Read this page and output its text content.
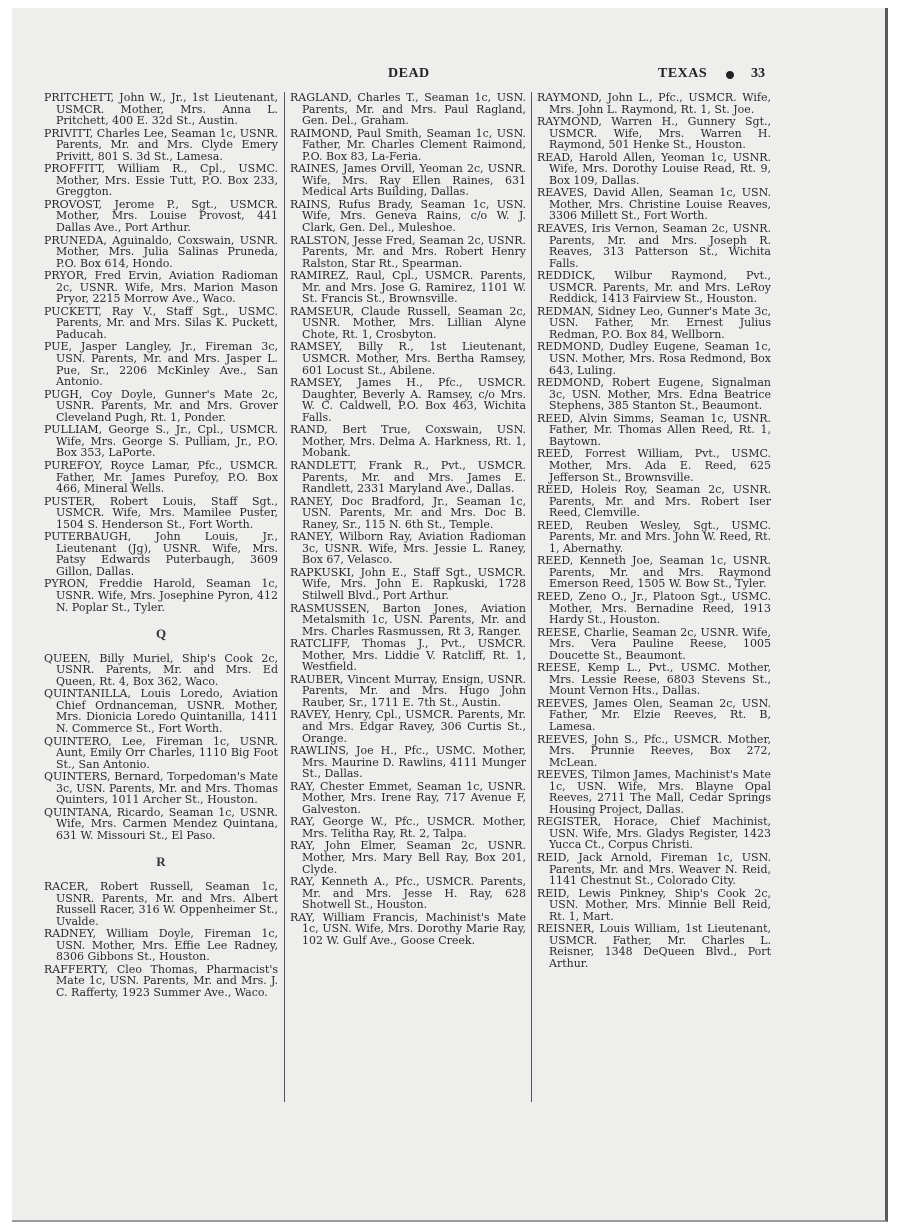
DEAD	TEXAS	33

PRITCHETT, John W., Jr., 1st Lieutenant, USMCR. Mother, Mrs. Anna L. Pritchett, 400 E. 32d St., Austin.

PRIVITT, Charles Lee, Seaman 1c, USNR. Parents, Mr. and Mrs. Clyde Emery Privitt, 801 S. 3d St., Lamesa.

PROFFITT, William R., Cpl., USMC. Mother, Mrs. Essie Tutt, P.O. Box 233, Greggton.

PROVOST, Jerome P., Sgt., USMCR. Mother, Mrs. Louise Provost, 441 Dallas Ave., Port Arthur.

PRUNEDA, Aguinaldo, Coxswain, USNR. Mother, Mrs. Julia Salinas Pruneda, P.O. Box 614, Hondo.

PRYOR, Fred Ervin, Aviation Radioman 2c, USNR. Wife, Mrs. Marion Mason Pryor, 2215 Morrow Ave., Waco.

PUCKETT, Ray V., Staff Sgt., USMC. Parents, Mr. and Mrs. Silas K. Puckett, Paducah.

PUE, Jasper Langley, Jr., Fireman 3c, USN. Parents, Mr. and Mrs. Jasper L. Pue, Sr., 2206 McKinley Ave., San Antonio.

PUGH, Coy Doyle, Gunner's Mate 2c, USNR. Parents, Mr. and Mrs. Grover Cleveland Pugh, Rt. 1, Ponder.

PULLIAM, George S., Jr., Cpl., USMCR. Wife, Mrs. George S. Pulliam, Jr., P.O. Box 353, LaPorte.

PUREFOY, Royce Lamar, Pfc., USMCR. Father, Mr. James Purefoy, P.O. Box 466, Mineral Wells.

PUSTER, Robert Louis, Staff Sgt., USMCR. Wife, Mrs. Mamilee Puster, 1504 S. Henderson St., Fort Worth.

PUTERBAUGH, John Louis, Jr., Lieutenant (Jg), USNR. Wife, Mrs. Patsy Edwards Puterbaugh, 3609 Gillon, Dallas.

PYRON, Freddie Harold, Seaman 1c, USNR. Wife, Mrs. Josephine Pyron, 412 N. Poplar St., Tyler.

Q

QUEEN, Billy Muriel, Ship's Cook 2c, USNR. Parents, Mr. and Mrs. Ed Queen, Rt. 4, Box 362, Waco.

QUINTANILLA, Louis Loredo, Aviation Chief Ordnanceman, USNR. Mother, Mrs. Dionicia Loredo Quintanilla, 1411 N. Commerce St., Fort Worth.

QUINTERO, Lee, Fireman 1c, USNR. Aunt, Emily Orr Charles, 1110 Big Foot St., San Antonio.

QUINTERS, Bernard, Torpedoman's Mate 3c, USN. Parents, Mr. and Mrs. Thomas Quinters, 1011 Archer St., Houston.

QUINTANA, Ricardo, Seaman 1c, USNR. Wife, Mrs. Carmen Mendez Quintana, 631 W. Missouri St., El Paso.

R

RACER, Robert Russell, Seaman 1c, USNR. Parents, Mr. and Mrs. Albert Russell Racer, 316 W. Oppenheimer St., Uvalde.

RADNEY, William Doyle, Fireman 1c, USN. Mother, Mrs. Effie Lee Radney, 8306 Gibbons St., Houston.

RAFFERTY, Cleo Thomas, Pharmacist's Mate 1c, USN. Parents, Mr. and Mrs. J. C. Rafferty, 1923 Summer Ave., Waco.

RAGLAND, Charles T., Seaman 1c, USN. Parents, Mr. and Mrs. Paul Ragland, Gen. Del., Graham.

RAIMOND, Paul Smith, Seaman 1c, USN. Father, Mr. Charles Clement Raimond, P.O. Box 83, La-Feria.

RAINES, James Orvill, Yeoman 2c, USNR. Wife, Mrs. Ray Ellen Raines, 631 Medical Arts Building, Dallas.

RAINS, Rufus Brady, Seaman 1c, USN. Wife, Mrs. Geneva Rains, c/o W. J. Clark, Gen. Del., Muleshoe.

RALSTON, Jesse Fred, Seaman 2c, USNR. Parents, Mr. and Mrs. Robert Henry Ralston, Star Rt., Spearman.

RAMIREZ, Raul, Cpl., USMCR. Parents, Mr. and Mrs. Jose G. Ramirez, 1101 W. St. Francis St., Brownsville.

RAMSEUR, Claude Russell, Seaman 2c, USNR. Mother, Mrs. Lillian Alyne Chote, Rt. 1, Crosbyton.

RAMSEY, Billy R., 1st Lieutenant, USMCR. Mother, Mrs. Bertha Ramsey, 601 Locust St., Abilene.

RAMSEY, James H., Pfc., USMCR. Daughter, Beverly A. Ramsey, c/o Mrs. W. C. Caldwell, P.O. Box 463, Wichita Falls.

RAND, Bert True, Coxswain, USN. Mother, Mrs. Delma A. Harkness, Rt. 1, Mobank.

RANDLETT, Frank R., Pvt., USMCR. Parents, Mr. and Mrs. James E. Randlett, 2331 Maryland Ave., Dallas.

RANEY, Doc Bradford, Jr., Seaman 1c, USN. Parents, Mr. and Mrs. Doc B. Raney, Sr., 115 N. 6th St., Temple.

RANEY, Wilborn Ray, Aviation Radioman 3c, USNR. Wife, Mrs. Jessie L. Raney, Box 67, Velasco.

RAPKUSKI, John E., Staff Sgt., USMCR. Wife, Mrs. John E. Rapkuski, 1728 Stilwell Blvd., Port Arthur.

RASMUSSEN, Barton Jones, Aviation Metalsmith 1c, USN. Parents, Mr. and Mrs. Charles Rasmussen, Rt 3, Ranger.

RATCLIFF, Thomas J., Pvt., USMCR. Mother, Mrs. Liddie V. Ratcliff, Rt. 1, Westfield.

RAUBER, Vincent Murray, Ensign, USNR. Parents, Mr. and Mrs. Hugo John Rauber, Sr., 1711 E. 7th St., Austin.

RAVEY, Henry, Cpl., USMCR. Parents, Mr. and Mrs. Edgar Ravey, 306 Curtis St., Orange.

RAWLINS, Joe H., Pfc., USMC. Mother, Mrs. Maurine D. Rawlins, 4111 Munger St., Dallas.

RAY, Chester Emmet, Seaman 1c, USNR. Mother, Mrs. Irene Ray, 717 Avenue F, Galveston.

RAY, George W., Pfc., USMCR. Mother, Mrs. Telitha Ray, Rt. 2, Talpa.

RAY, John Elmer, Seaman 2c, USNR. Mother, Mrs. Mary Bell Ray, Box 201, Clyde.

RAY, Kenneth A., Pfc., USMCR. Parents, Mr. and Mrs. Jesse H. Ray, 628 Shotwell St., Houston.

RAY, William Francis, Machinist's Mate 1c, USN. Wife, Mrs. Dorothy Marie Ray, 102 W. Gulf Ave., Goose Creek.

RAYMOND, John L., Pfc., USMCR. Wife, Mrs. John L. Raymond, Rt. 1, St. Joe.

RAYMOND, Warren H., Gunnery Sgt., USMCR. Wife, Mrs. Warren H. Raymond, 501 Henke St., Houston.

READ, Harold Allen, Yeoman 1c, USNR. Wife, Mrs. Dorothy Louise Read, Rt. 9, Box 109, Dallas.

REAVES, David Allen, Seaman 1c, USN. Mother, Mrs. Christine Louise Reaves, 3306 Millett St., Fort Worth.

REAVES, Iris Vernon, Seaman 2c, USNR. Parents, Mr. and Mrs. Joseph R. Reaves, 313 Patterson St., Wichita Falls.

REDDICK, Wilbur Raymond, Pvt., USMCR. Parents, Mr. and Mrs. LeRoy Reddick, 1413 Fairview St., Houston.

REDMAN, Sidney Leo, Gunner's Mate 3c, USN. Father, Mr. Ernest Julius Redman, P.O. Box 84, Wellborn.

REDMOND, Dudley Eugene, Seaman 1c, USN. Mother, Mrs. Rosa Redmond, Box 643, Luling.

REDMOND, Robert Eugene, Signalman 3c, USN. Mother, Mrs. Edna Beatrice Stephens, 385 Stanton St., Beaumont.

REED, Alvin Simms, Seaman 1c, USNR. Father, Mr. Thomas Allen Reed, Rt. 1, Baytown.

REED, Forrest William, Pvt., USMC. Mother, Mrs. Ada E. Reed, 625 Jefferson St., Brownsville.

REED, Holeis Roy, Seaman 2c, USNR. Parents, Mr. and Mrs. Robert Iser Reed, Clemville.

REED, Reuben Wesley, Sgt., USMC. Parents, Mr. and Mrs. John W. Reed, Rt. 1, Abernathy.

REED, Kenneth Joe, Seaman 1c, USNR. Parents, Mr. and Mrs. Raymond Emerson Reed, 1505 W. Bow St., Tyler.

REED, Zeno O., Jr., Platoon Sgt., USMC. Mother, Mrs. Bernadine Reed, 1913 Hardy St., Houston.

REESE, Charlie, Seaman 2c, USNR. Wife, Mrs. Vera Pauline Reese, 1005 Doucette St., Beaumont.

REESE, Kemp L., Pvt., USMC. Mother, Mrs. Lessie Reese, 6803 Stevens St., Mount Vernon Hts., Dallas.

REEVES, James Olen, Seaman 2c, USN. Father, Mr. Elzie Reeves, Rt. B, Lamesa.

REEVES, John S., Pfc., USMCR. Mother, Mrs. Prunnie Reeves, Box 272, McLean.

REEVES, Tilmon James, Machinist's Mate 1c, USN. Wife, Mrs. Blayne Opal Reeves, 2711 The Mall, Cedar Springs Housing Project, Dallas.

REGISTER, Horace, Chief Machinist, USN. Wife, Mrs. Gladys Register, 1423 Yucca Ct., Corpus Christi.

REID, Jack Arnold, Fireman 1c, USN. Parents, Mr. and Mrs. Weaver N. Reid, 1141 Chestnut St., Colorado City.

REID, Lewis Pinkney, Ship's Cook 2c, USN. Mother, Mrs. Minnie Bell Reid, Rt. 1, Mart.

REISNER, Louis William, 1st Lieutenant, USMCR. Father, Mr. Charles L. Reisner, 1348 DeQueen Blvd., Port Arthur.
